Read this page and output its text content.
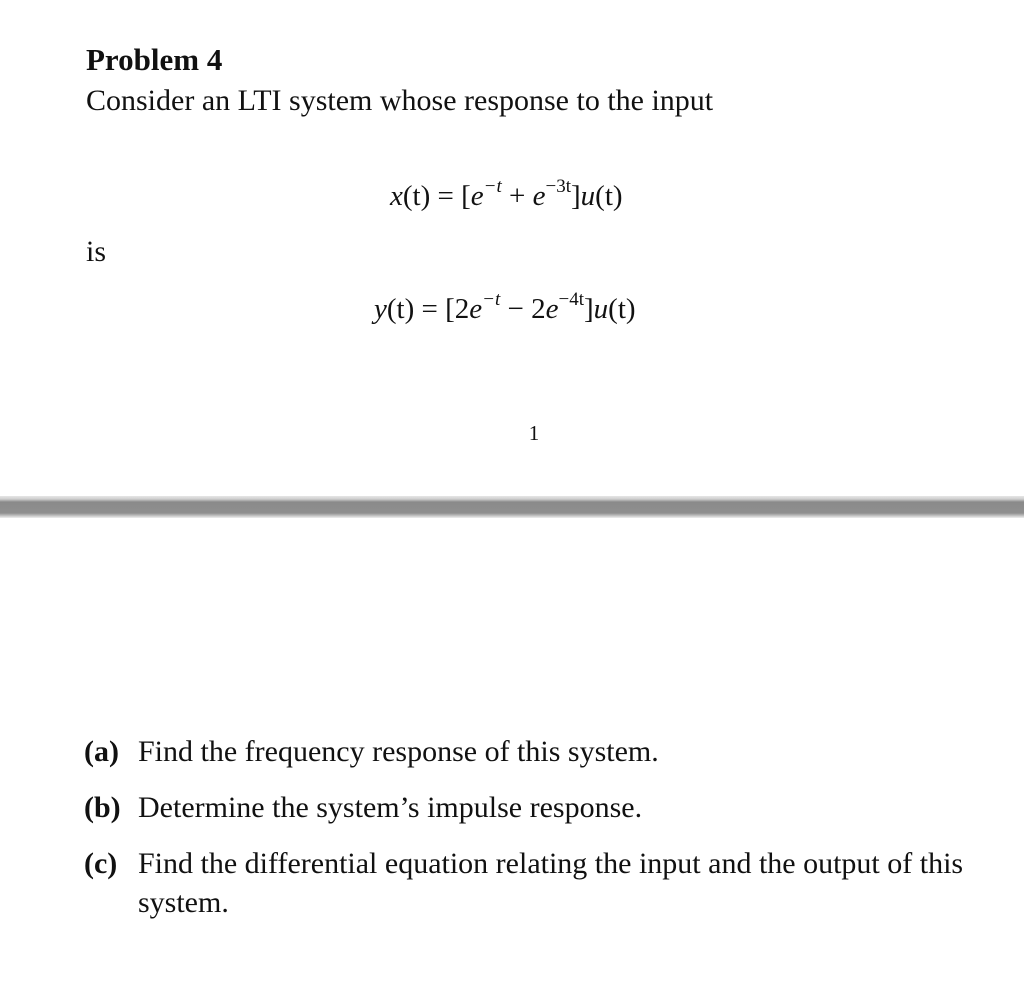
Problem 4

Consider an LTI system whose response to the input

$x(t) = [e^{-t} + e^{-3t}]u(t)$

is

$y(t) = [2e^{-t} - 2e^{-4t}]u(t)$
1
(a) Find the frequency response of this system.
(b) Determine the system’s impulse response.
(c) Find the differential equation relating the input and the output of this system.
